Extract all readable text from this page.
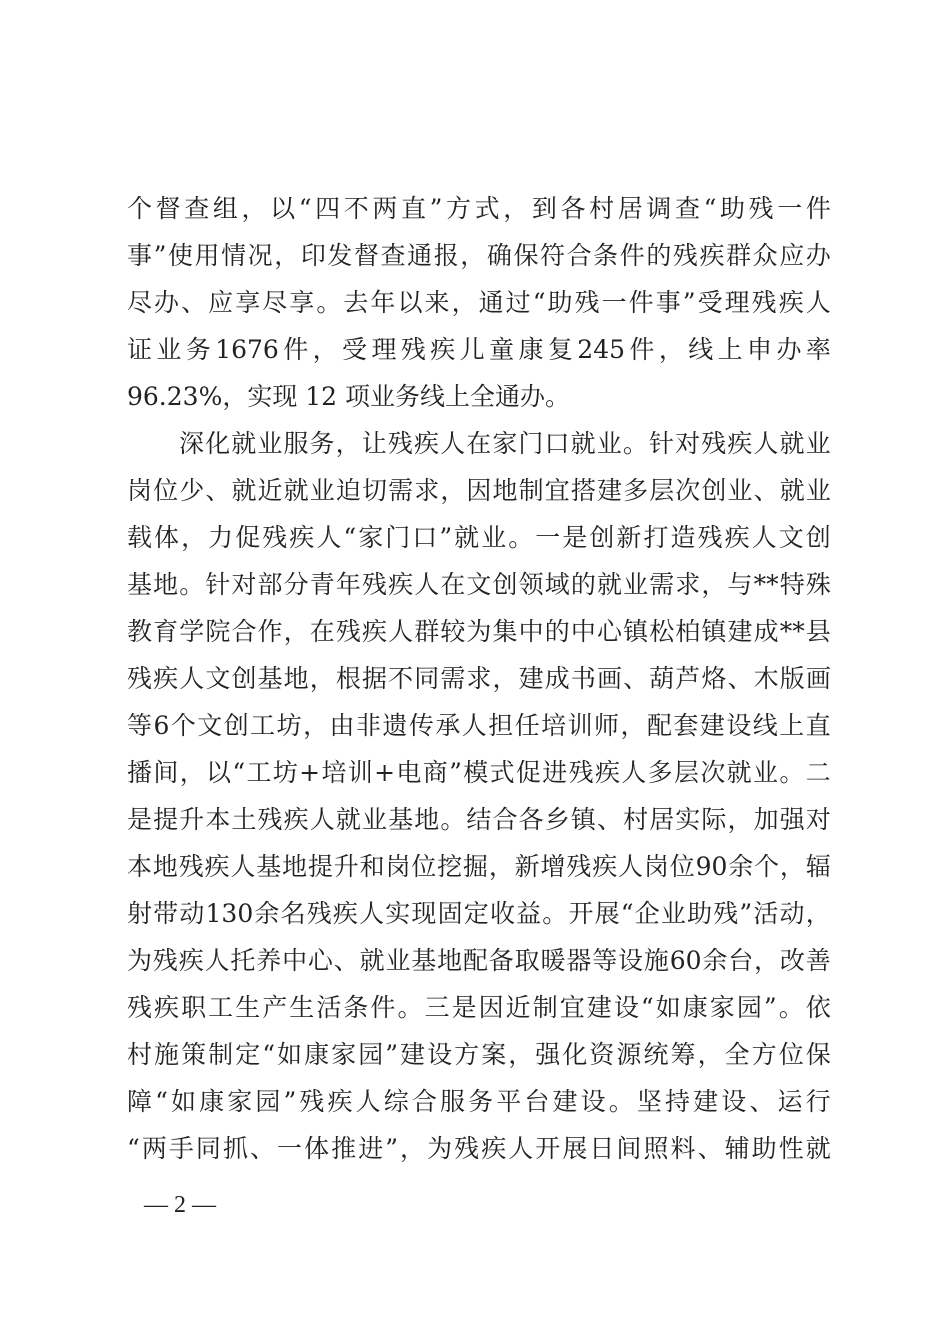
个 督 查 组 ， 以 “ 四 不 两 直 ” 方 式 ， 到 各 村 居 调 查 “ 助 残 一 件
事 ” 使 用 情 况 ， 印 发 督 查 通 报 ， 确 保 符 合 条 件 的 残 疾 群 众 应 办
尽 办 、 应 享 尽 享 。 去 年 以 来 ， 通 过 “ 助 残 一 件 事 ” 受 理 残 疾 人
证 业 务 1676 件 ， 受 理 残 疾 儿 童 康 复 245 件 ， 线 上 申 办 率
96.23%，实现 12 项业务线上全通办。
深 化 就 业 服 务 ， 让 残 疾 人 在 家 门 口 就 业 。 针 对 残 疾 人 就 业
岗 位 少 、 就 近 就 业 迫 切 需 求 ， 因 地 制 宜 搭 建 多 层 次 创 业 、 就 业
载 体 ， 力 促 残 疾 人 “ 家 门 口 ” 就 业 。 一 是 创 新 打 造 残 疾 人 文 创
基 地 。 针 对 部 分 青 年 残 疾 人 在 文 创 领 域 的 就 业 需 求 ， 与 ** 特 殊
教 育 学 院 合 作 ， 在 残 疾 人 群 较 为 集 中 的 中 心 镇 松 柏 镇 建 成 ** 县
残 疾 人 文 创 基 地 ， 根 据 不 同 需 求 ， 建 成 书 画 、 葫 芦 烙 、 木 版 画
等 6 个 文 创 工 坊 ， 由 非 遗 传 承 人 担 任 培 训 师 ， 配 套 建 设 线 上 直
播 间 ， 以 “ 工 坊 + 培 训 + 电 商 ” 模 式 促 进 残 疾 人 多 层 次 就 业 。 二
是 提 升 本 土 残 疾 人 就 业 基 地 。 结 合 各 乡 镇 、 村 居 实 际 ， 加 强 对
本 地 残 疾 人 基 地 提 升 和 岗 位 挖 掘 ， 新 增 残 疾 人 岗 位 90 余 个 ， 辐
射 带 动 130 余 名 残 疾 人 实 现 固 定 收 益 。 开 展 “ 企 业 助 残 ” 活 动 ，
为 残 疾 人 托 养 中 心 、 就 业 基 地 配 备 取 暖 器 等 设 施 60 余 台 ， 改 善
残 疾 职 工 生 产 生 活 条 件 。 三 是 因 近 制 宜 建 设 “ 如 康 家 园 ” 。 依
村 施 策 制 定 “ 如 康 家 园 ” 建 设 方 案 ， 强 化 资 源 统 筹 ， 全 方 位 保
障 “ 如 康 家 园 ” 残 疾 人 综 合 服 务 平 台 建 设 。 坚 持 建 设 、 运 行
“ 两 手 同 抓 、 一 体 推 进 ” ， 为 残 疾 人 开 展 日 间 照 料 、 辅 助 性 就
— 2 —
